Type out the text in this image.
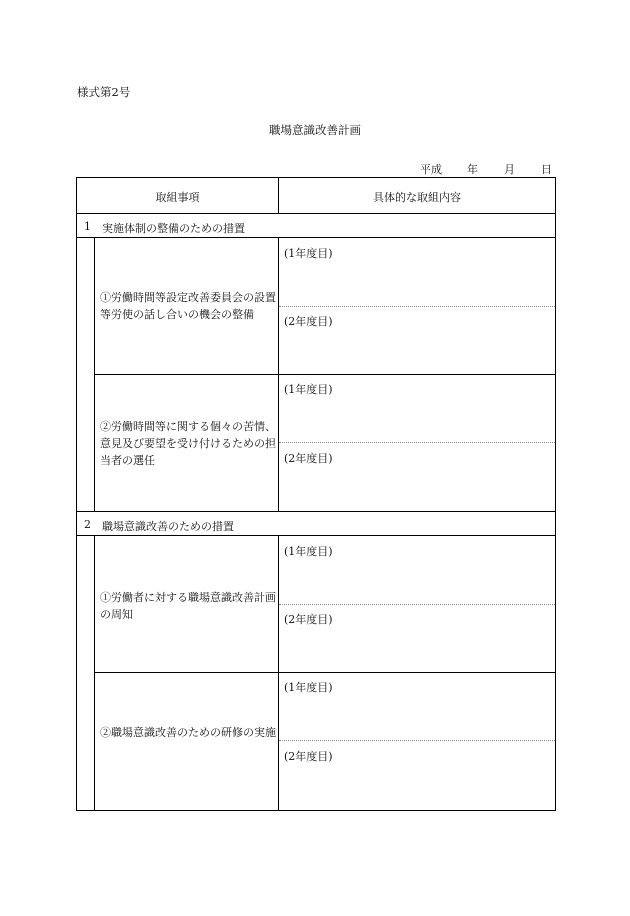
様式第2号
職場意識改善計画
平成 年 月 日
取組事項	具体的な取組内容
1 実施体制の整備のための措置
①労働時間等設定改善委員会の設置等労使の話し合いの機会の整備
(1年度目)
(2年度目)
②労働時間等に関する個々の苦情、意見及び要望を受け付けるための担当者の選任
(1年度目)
(2年度目)
2 職場意識改善のための措置
①労働者に対する職場意識改善計画の周知
(1年度目)
(2年度目)
②職場意識改善のための研修の実施
(1年度目)
(2年度目)
